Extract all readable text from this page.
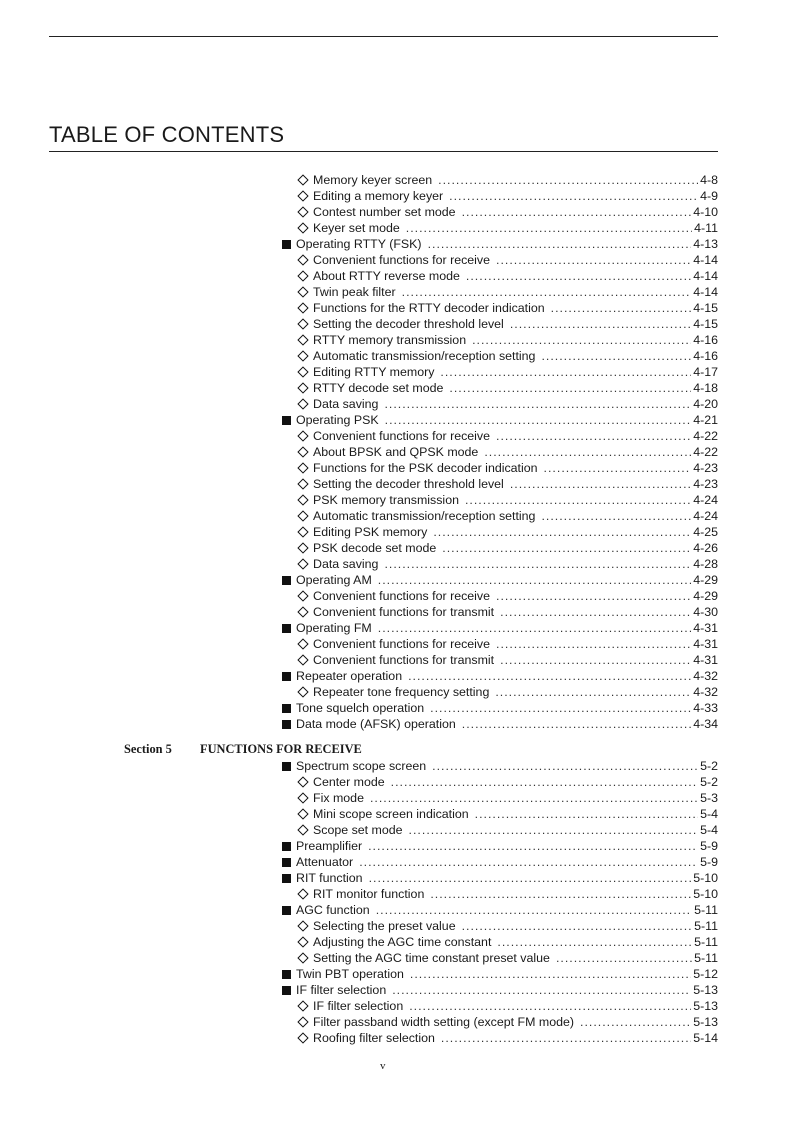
TABLE OF CONTENTS
Memory keyer screen .....	4-8
Editing a memory keyer .....	4-9
Contest number set mode .....	4-10
Keyer set mode .....	4-11
Operating RTTY (FSK) .....	4-13
Convenient functions for receive .....	4-14
About RTTY reverse mode .....	4-14
Twin peak filter .....	4-14
Functions for the RTTY decoder indication .....	4-15
Setting the decoder threshold level .....	4-15
RTTY memory transmission .....	4-16
Automatic transmission/reception setting .....	4-16
Editing RTTY memory .....	4-17
RTTY decode set mode .....	4-18
Data saving .....	4-20
Operating PSK .....	4-21
Convenient functions for receive .....	4-22
About BPSK and QPSK mode .....	4-22
Functions for the PSK decoder indication .....	4-23
Setting the decoder threshold level .....	4-23
PSK memory transmission .....	4-24
Automatic transmission/reception setting .....	4-24
Editing PSK memory .....	4-25
PSK decode set mode .....	4-26
Data saving .....	4-28
Operating AM .....	4-29
Convenient functions for receive .....	4-29
Convenient functions for transmit .....	4-30
Operating FM .....	4-31
Convenient functions for receive .....	4-31
Convenient functions for transmit .....	4-31
Repeater operation .....	4-32
Repeater tone frequency setting .....	4-32
Tone squelch operation .....	4-33
Data mode (AFSK) operation .....	4-34
Section 5	FUNCTIONS FOR RECEIVE
Spectrum scope screen .....	5-2
Center mode .....	5-2
Fix mode .....	5-3
Mini scope screen indication .....	5-4
Scope set mode .....	5-4
Preamplifier .....	5-9
Attenuator .....	5-9
RIT function .....	5-10
RIT monitor function .....	5-10
AGC function .....	5-11
Selecting the preset value .....	5-11
Adjusting the AGC time constant .....	5-11
Setting the AGC time constant preset value .....	5-11
Twin PBT operation .....	5-12
IF filter selection .....	5-13
IF filter selection .....	5-13
Filter passband width setting (except FM mode) .....	5-13
Roofing filter selection .....	5-14
v
